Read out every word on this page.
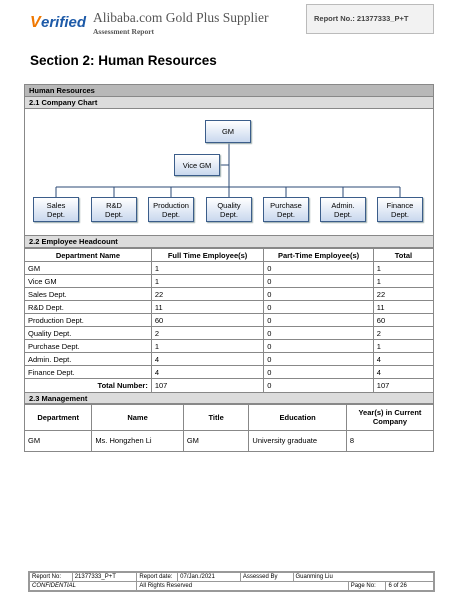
V erified Alibaba.com Gold Plus Supplier
Assessment Report
Report No.: 21377333_P+T
Section 2: Human Resources
Human Resources
2.1 Company Chart
GM
Vice GM
Sales
Dept.
R&D
Dept.
Production
Dept.
Quality
Dept.
Purchase
Dept.
Admin.
Dept.
Finance
Dept.
2.2 Employee Headcount
Department Name	Full Time Employee(s)	Part-Time Employee(s)	Total
GM	1	0	1
Vice GM	1	0	1
Sales Dept.	22	0	22
R&D Dept.	11	0	11
Production Dept.	60	0	60
Quality Dept.	2	0	2
Purchase Dept.	1	0	1
Admin. Dept.	4	0	4
Finance Dept.	4	0	4
Total Number:	107	0	107
2.3 Management
Department	Name	Title	Education	Year(s) in Current Company
GM	Ms. Hongzhen Li	GM	University graduate	8
Report No:	21377333_P+T	Report date:	07/Jan./2021	Assessed By	Guanming Liu		
CONFIDENTIAL		All Rights Reserved				Page No:	6 of 26
